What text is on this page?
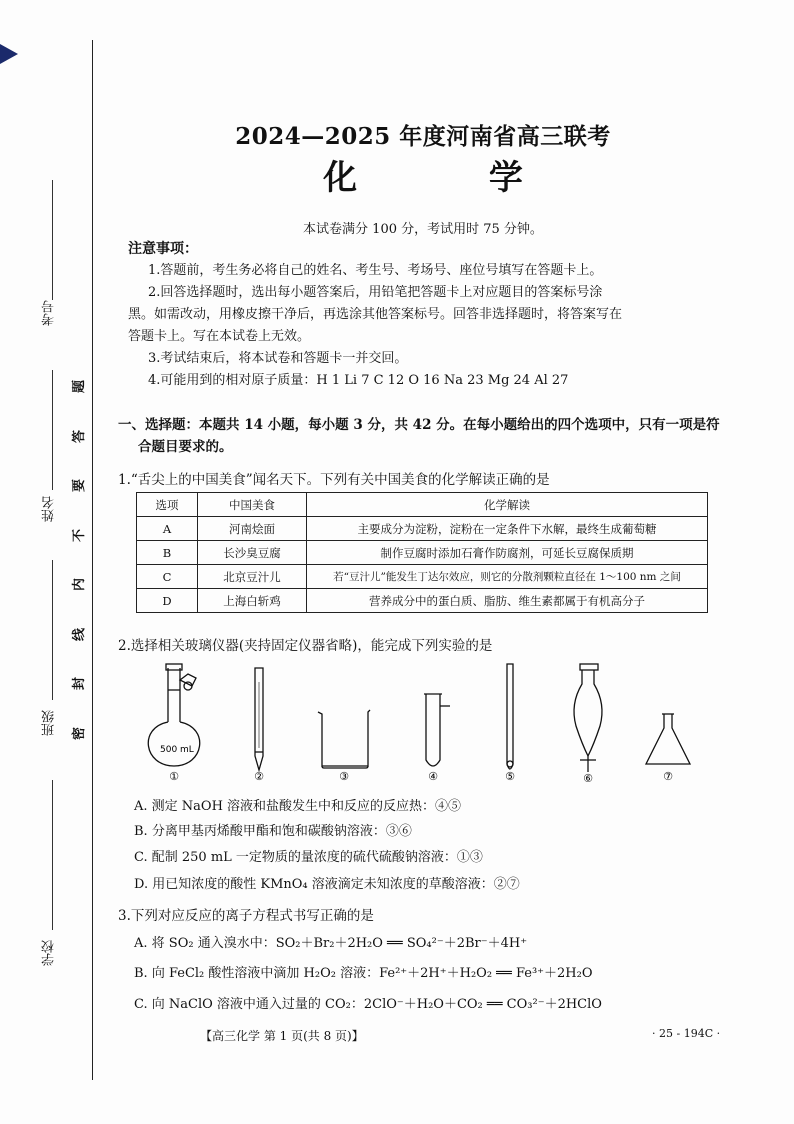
考号
姓名
班级
学校
题
答
要
不
内
线
封
密
2024—2025 年度河南省高三联考
化 学
本试卷满分 100 分，考试用时 75 分钟。
注意事项：
1.答题前，考生务必将自己的姓名、考生号、考场号、座位号填写在答题卡上。
2.回答选择题时，选出每小题答案后，用铅笔把答题卡上对应题目的答案标号涂
黑。如需改动，用橡皮擦干净后，再选涂其他答案标号。回答非选择题时，将答案写在
答题卡上。写在本试卷上无效。
3.考试结束后，将本试卷和答题卡一并交回。
4.可能用到的相对原子质量：H 1 Li 7 C 12 O 16 Na 23 Mg 24 Al 27
一、选择题：本题共 14 小题，每小题 3 分，共 42 分。在每小题给出的四个选项中，只有一项是符
合题目要求的。
1.“舌尖上的中国美食”闻名天下。下列有关中国美食的化学解读正确的是
选项	中国美食	化学解读
A	河南烩面	主要成分为淀粉，淀粉在一定条件下水解，最终生成葡萄糖
B	长沙臭豆腐	制作豆腐时添加石膏作防腐剂，可延长豆腐保质期
C	北京豆汁儿	若“豆汁儿”能发生丁达尔效应，则它的分散剂颗粒直径在 1～100 nm 之间
D	上海白斩鸡	营养成分中的蛋白质、脂肪、维生素都属于有机高分子
2.选择相关玻璃仪器(夹持固定仪器省略)，能完成下列实验的是
500 mL
①	②	③	④	⑤	⑥	⑦
A. 测定 NaOH 溶液和盐酸发生中和反应的反应热：④⑤
B. 分离甲基丙烯酸甲酯和饱和碳酸钠溶液：③⑥
C. 配制 250 mL 一定物质的量浓度的硫代硫酸钠溶液：①③
D. 用已知浓度的酸性 KMnO₄ 溶液滴定未知浓度的草酸溶液：②⑦
3.下列对应反应的离子方程式书写正确的是
A. 将 SO₂ 通入溴水中：SO₂＋Br₂＋2H₂O ══ SO₄²⁻＋2Br⁻＋4H⁺
B. 向 FeCl₂ 酸性溶液中滴加 H₂O₂ 溶液：Fe²⁺＋2H⁺＋H₂O₂ ══ Fe³⁺＋2H₂O
C. 向 NaClO 溶液中通入过量的 CO₂：2ClO⁻＋H₂O＋CO₂ ══ CO₃²⁻＋2HClO
【高三化学 第 1 页(共 8 页)】	· 25 - 194C ·
